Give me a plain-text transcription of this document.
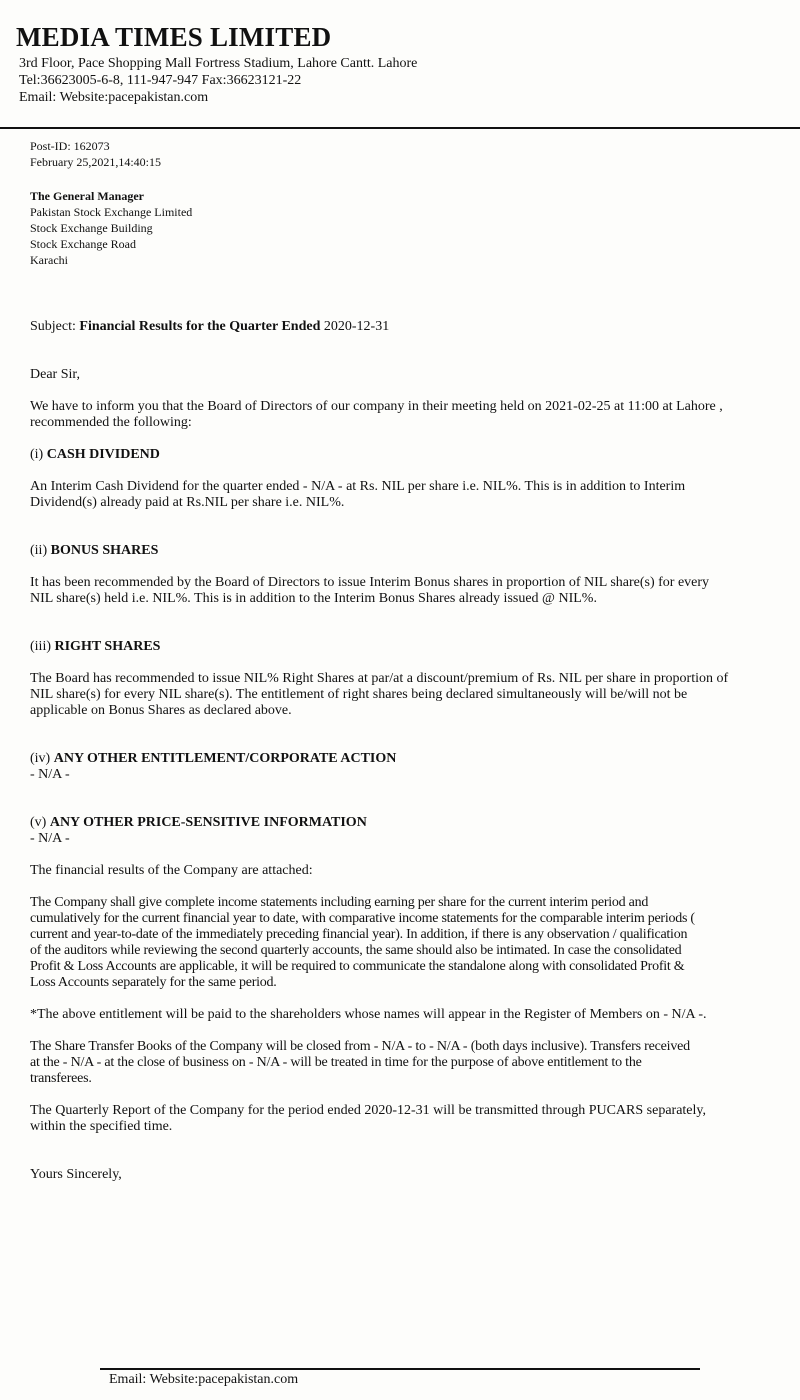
MEDIA TIMES LIMITED
3rd Floor, Pace Shopping Mall Fortress Stadium, Lahore Cantt. Lahore
Tel:36623005-6-8, 111-947-947 Fax:36623121-22
Email: Website:pacepakistan.com
Post-ID: 162073
February 25,2021,14:40:15
The General Manager
Pakistan Stock Exchange Limited
Stock Exchange Building
Stock Exchange Road
Karachi
Subject: Financial Results for the Quarter Ended 2020-12-31
Dear Sir,
We have to inform you that the Board of Directors of our company in their meeting held on 2021-02-25 at 11:00 at Lahore ,
recommended the following:
(i) CASH DIVIDEND
An Interim Cash Dividend for the quarter ended - N/A - at Rs. NIL per share i.e. NIL%. This is in addition to Interim
Dividend(s) already paid at Rs.NIL per share i.e. NIL%.
(ii) BONUS SHARES
It has been recommended by the Board of Directors to issue Interim Bonus shares in proportion of NIL share(s) for every
NIL share(s) held i.e. NIL%. This is in addition to the Interim Bonus Shares already issued @ NIL%.
(iii) RIGHT SHARES
The Board has recommended to issue NIL% Right Shares at par/at a discount/premium of Rs. NIL per share in proportion of
NIL share(s) for every NIL share(s). The entitlement of right shares being declared simultaneously will be/will not be
applicable on Bonus Shares as declared above.
(iv) ANY OTHER ENTITLEMENT/CORPORATE ACTION
- N/A -
(v) ANY OTHER PRICE-SENSITIVE INFORMATION
- N/A -
The financial results of the Company are attached:
The Company shall give complete income statements including earning per share for the current interim period and
cumulatively for the current financial year to date, with comparative income statements for the comparable interim periods (
current and year-to-date of the immediately preceding financial year). In addition, if there is any observation / qualification
of the auditors while reviewing the second quarterly accounts, the same should also be intimated. In case the consolidated
Profit & Loss Accounts are applicable, it will be required to communicate the standalone along with consolidated Profit &
Loss Accounts separately for the same period.
*The above entitlement will be paid to the shareholders whose names will appear in the Register of Members on - N/A -.
The Share Transfer Books of the Company will be closed from - N/A - to - N/A - (both days inclusive). Transfers received
at the - N/A - at the close of business on - N/A - will be treated in time for the purpose of above entitlement to the
transferees.
The Quarterly Report of the Company for the period ended 2020-12-31 will be transmitted through PUCARS separately,
within the specified time.
Yours Sincerely,
Email: Website:pacepakistan.com
